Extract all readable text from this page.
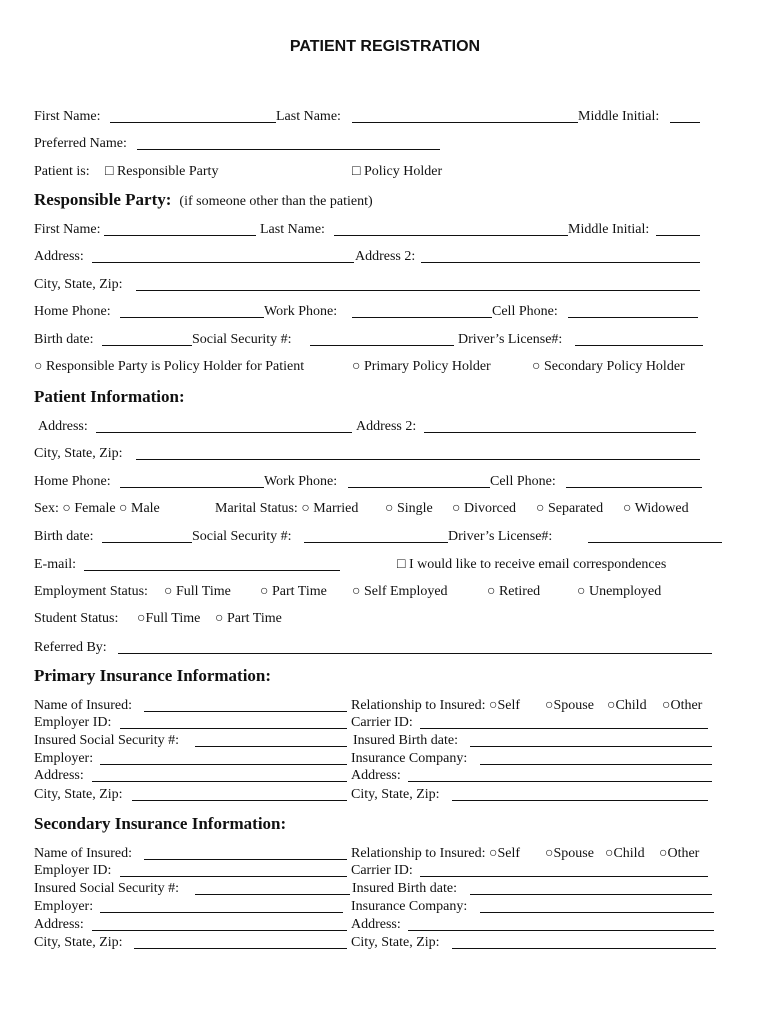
PATIENT REGISTRATION
First Name:	Last Name:	Middle Initial:
Preferred Name:
Patient is: □ Responsible Party	□ Policy Holder
Responsible Party: (if someone other than the patient)
First Name:	Last Name:	Middle Initial:
Address:	Address 2:
City, State, Zip:
Home Phone:	Work Phone:	Cell Phone:
Birth date:	Social Security #:	Driver’s License#:
○ Responsible Party is Policy Holder for Patient	○ Primary Policy Holder	○ Secondary Policy Holder
Patient Information:
Address:	Address 2:
City, State, Zip:
Home Phone:	Work Phone:	Cell Phone:
Sex: ○ Female ○ Male	Marital Status: ○ Married ○ Single ○ Divorced ○ Separated ○ Widowed
Birth date:	Social Security #:	Driver’s License#:
E-mail:	□ I would like to receive email correspondences
Employment Status: ○ Full Time ○ Part Time ○ Self Employed	○ Retired	○ Unemployed
Student Status: ○Full Time ○ Part Time
Referred By:
Primary Insurance Information:
Name of Insured:	Relationship to Insured: ○Self ○Spouse ○Child ○Other
Employer ID:	Carrier ID:
Insured Social Security #:	Insured Birth date:
Employer:	Insurance Company:
Address:	Address:
City, State, Zip:	City, State, Zip:
Secondary Insurance Information:
Name of Insured:	Relationship to Insured: ○Self ○Spouse ○Child ○Other
Employer ID:	Carrier ID:
Insured Social Security #:	Insured Birth date:
Employer:	Insurance Company:
Address:	Address:
City, State, Zip:	City, State, Zip:
